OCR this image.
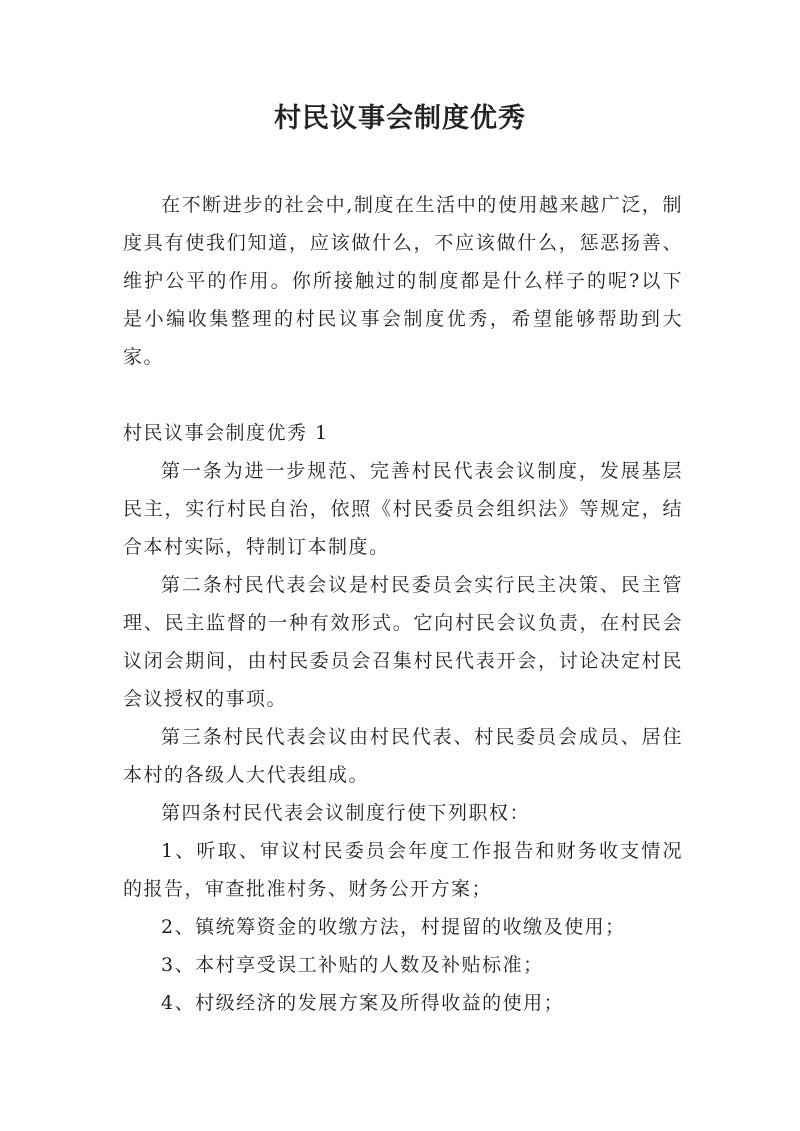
村民议事会制度优秀

在不断进步的社会中,制度在生活中的使用越来越广泛，制度具有使我们知道，应该做什么，不应该做什么，惩恶扬善、维护公平的作用。你所接触过的制度都是什么样子的呢?以下是小编收集整理的村民议事会制度优秀，希望能够帮助到大家。

村民议事会制度优秀 1

第一条为进一步规范、完善村民代表会议制度，发展基层民主，实行村民自治，依照《村民委员会组织法》等规定，结合本村实际，特制订本制度。

第二条村民代表会议是村民委员会实行民主决策、民主管理、民主监督的一种有效形式。它向村民会议负责，在村民会议闭会期间，由村民委员会召集村民代表开会，讨论决定村民会议授权的事项。

第三条村民代表会议由村民代表、村民委员会成员、居住本村的各级人大代表组成。

第四条村民代表会议制度行使下列职权：

1、听取、审议村民委员会年度工作报告和财务收支情况的报告，审查批准村务、财务公开方案；

2、镇统筹资金的收缴方法，村提留的收缴及使用；

3、本村享受误工补贴的人数及补贴标准；

4、村级经济的发展方案及所得收益的使用；
